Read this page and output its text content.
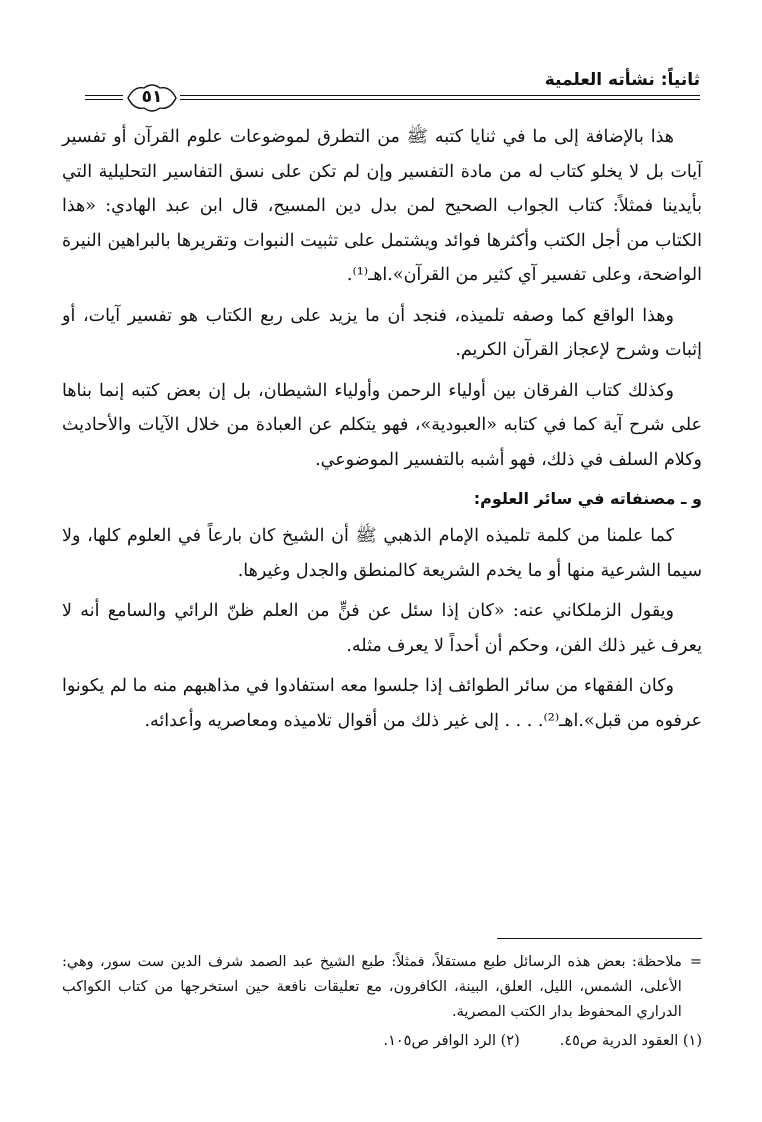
ثانياً: نشأته العلمية
٥١

هذا بالإضافة إلى ما في ثنايا كتبه ﷺ من التطرق لموضوعات علوم القرآن أو تفسير آيات بل لا يخلو كتاب له من مادة التفسير وإن لم تكن على نسق التفاسير التحليلية التي بأيدينا فمثلاً: كتاب الجواب الصحيح لمن بدل دين المسيح، قال ابن عبد الهادي: «هذا الكتاب من أجل الكتب وأكثرها فوائد ويشتمل على تثبيت النبوات وتقريرها بالبراهين النيرة الواضحة، وعلى تفسير آي كثير من القرآن».اهـ⁽¹⁾.

وهذا الواقع كما وصفه تلميذه، فنجد أن ما يزيد على ربع الكتاب هو تفسير آيات، أو إثبات وشرح لإعجاز القرآن الكريم.

وكذلك كتاب الفرقان بين أولياء الرحمن وأولياء الشيطان، بل إن بعض كتبه إنما بناها على شرح آية كما في كتابه «العبودية»، فهو يتكلم عن العبادة من خلال الآيات والأحاديث وكلام السلف في ذلك، فهو أشبه بالتفسير الموضوعي.

و ـ مصنفاته في سائر العلوم:

كما علمنا من كلمة تلميذه الإمام الذهبي ﷺ أن الشيخ كان بارعاً في العلوم كلها، ولا سيما الشرعية منها أو ما يخدم الشريعة كالمنطق والجدل وغيرها.

ويقول الزملكاني عنه: «كان إذا سئل عن فنٍّ من العلم ظنّ الرائي والسامع أنه لا يعرف غير ذلك الفن، وحكم أن أحداً لا يعرف مثله.

وكان الفقهاء من سائر الطوائف إذا جلسوا معه استفادوا في مذاهبهم منه ما لم يكونوا عرفوه من قبل».اهـ⁽²⁾. . . . إلى غير ذلك من أقوال تلاميذه ومعاصريه وأعدائه.

=
ملاحظة: بعض هذه الرسائل طبع مستقلاً، فمثلاً: طبع الشيخ عبد الصمد شرف الدين ست سور، وهي: الأعلى، الشمس، الليل، العلق، البينة، الكافرون، مع تعليقات نافعة حين استخرجها من كتاب الكواكب الدراري المحفوظ بدار الكتب المصرية.
(١) العقود الدرية ص٤٥.
(٢) الرد الوافر ص١٠٥.
